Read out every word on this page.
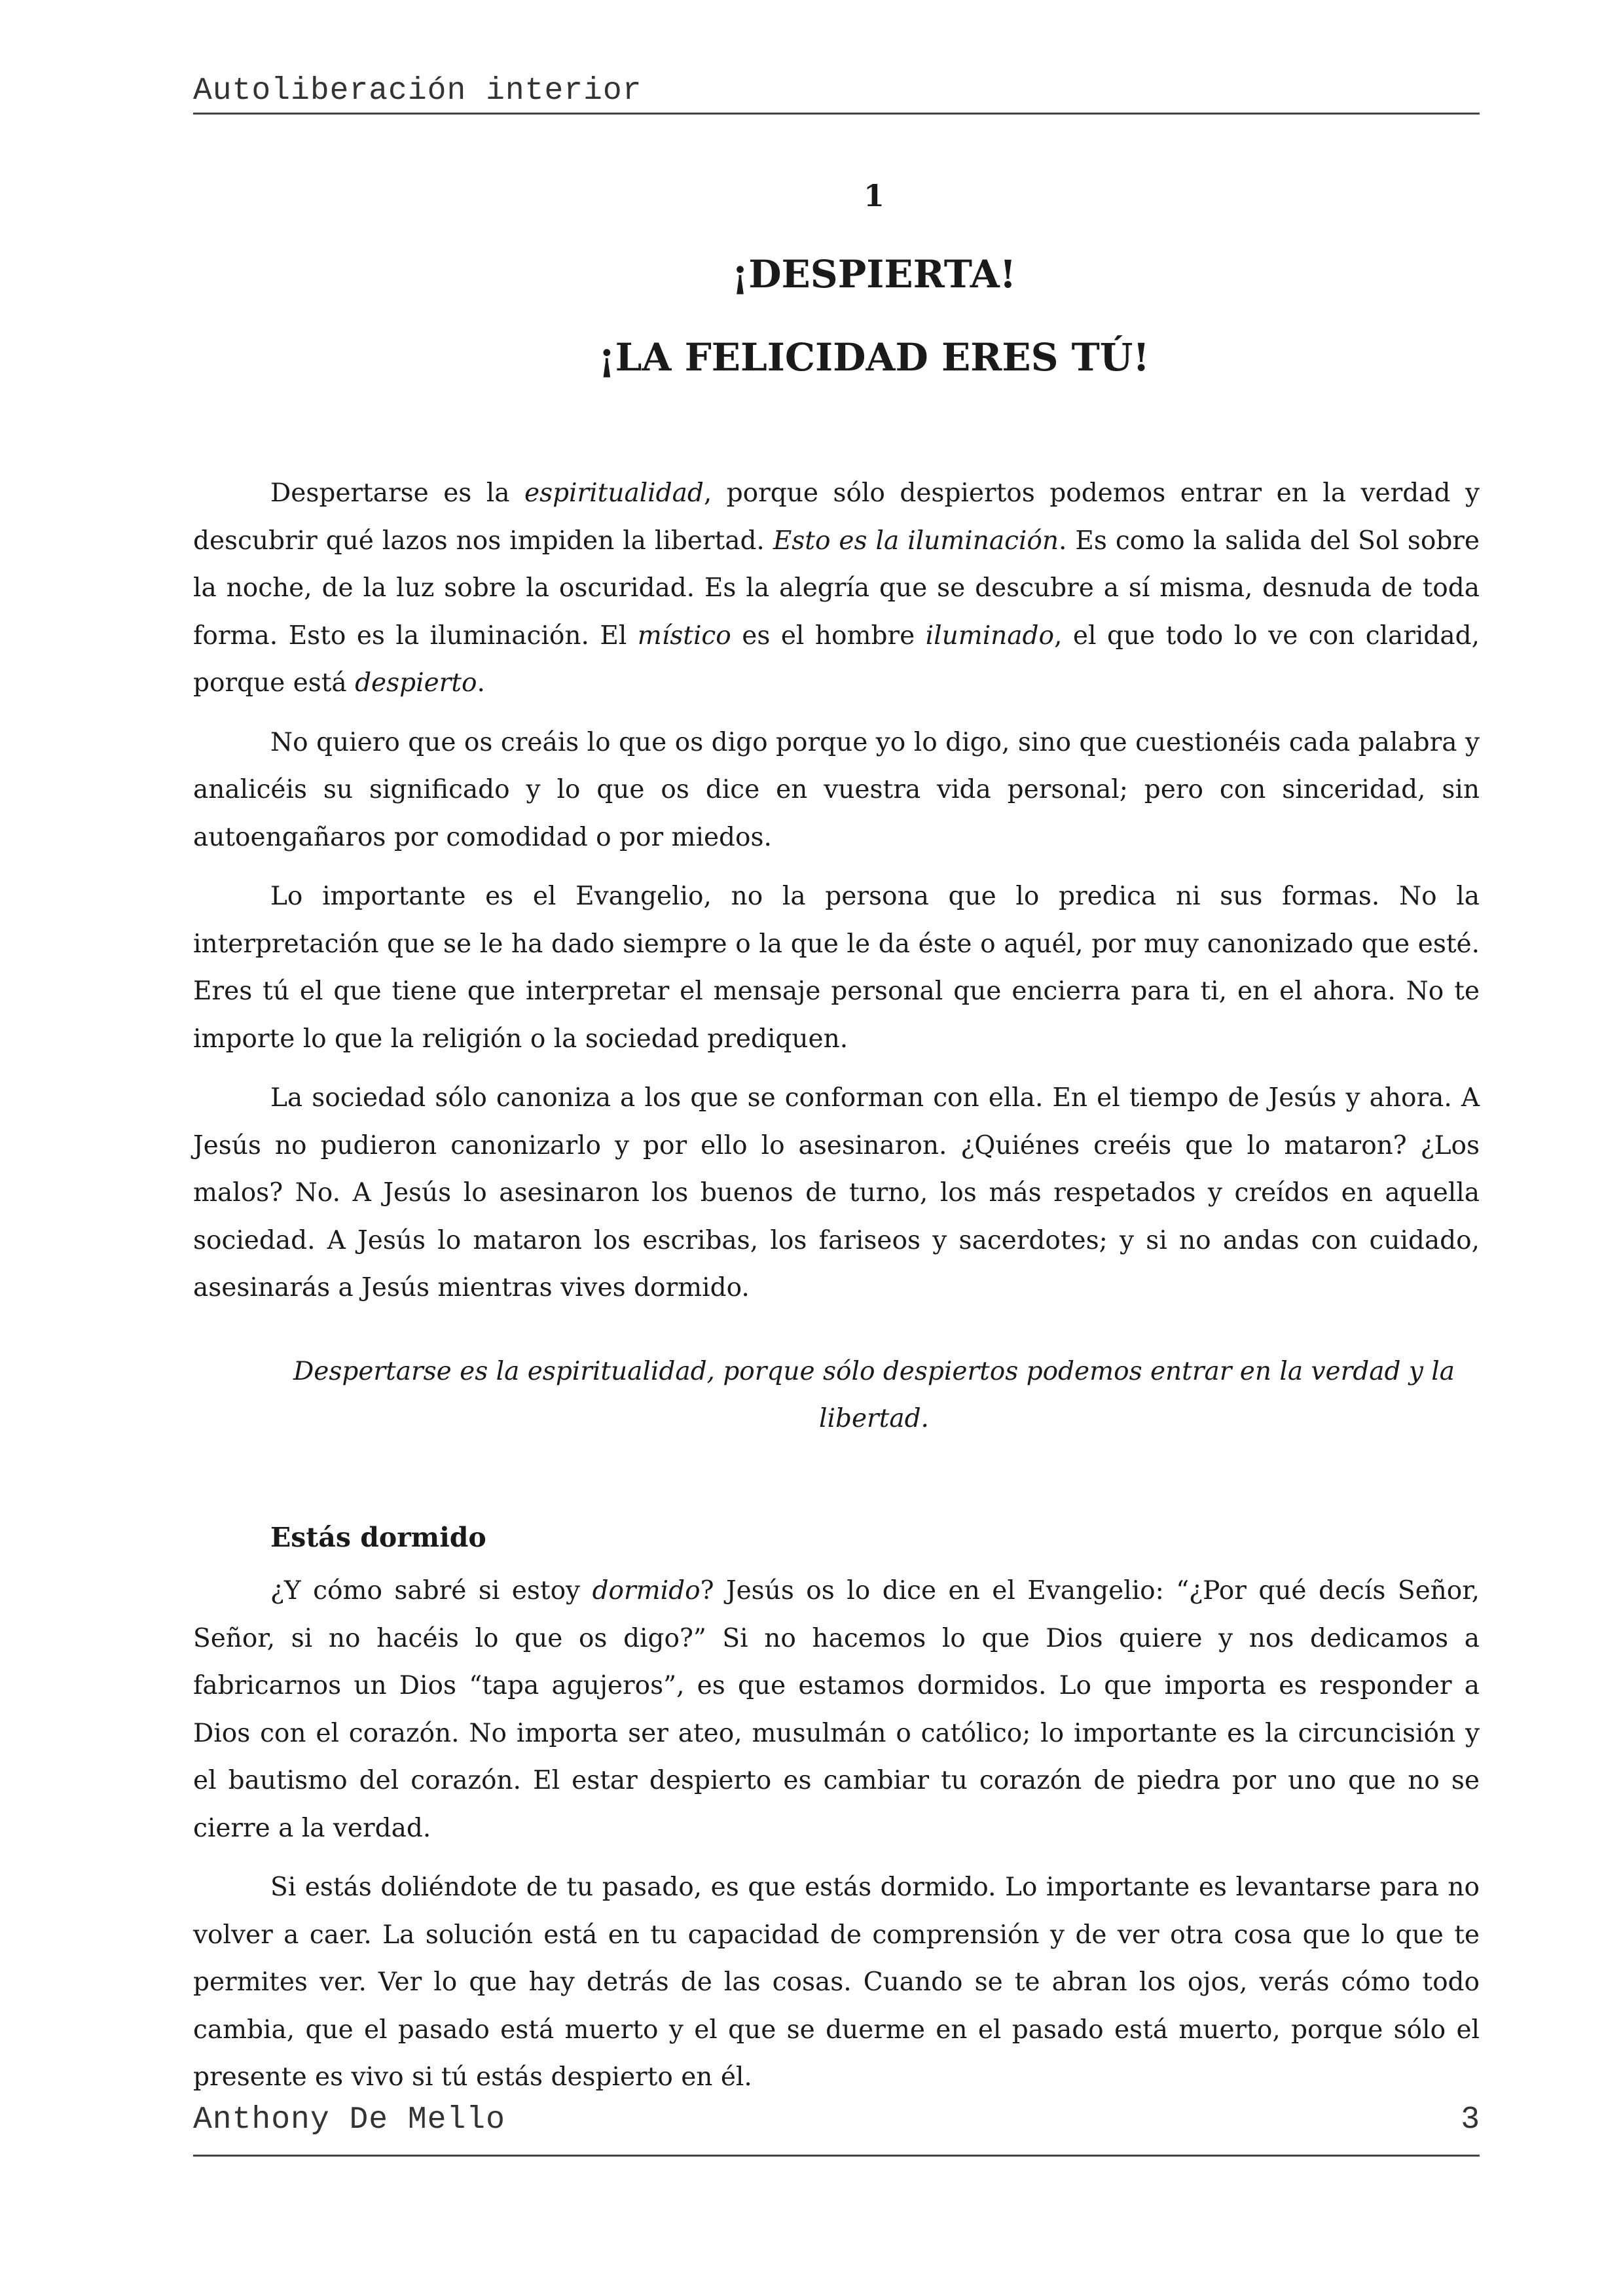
Autoliberación interior
1
¡DESPIERTA!
¡LA FELICIDAD ERES TÚ!

Despertarse es la espiritualidad, porque sólo despiertos podemos entrar en la verdad y descubrir qué lazos nos impiden la libertad. Esto es la iluminación. Es como la salida del Sol sobre la noche, de la luz sobre la oscuridad. Es la alegría que se descubre a sí misma, desnuda de toda forma. Esto es la iluminación. El místico es el hombre iluminado, el que todo lo ve con claridad, porque está despierto.

No quiero que os creáis lo que os digo porque yo lo digo, sino que cuestionéis cada palabra y analicéis su significado y lo que os dice en vuestra vida personal; pero con sinceridad, sin autoengañaros por comodidad o por miedos.

Lo importante es el Evangelio, no la persona que lo predica ni sus formas. No la interpretación que se le ha dado siempre o la que le da éste o aquél, por muy canonizado que esté. Eres tú el que tiene que interpretar el mensaje personal que encierra para ti, en el ahora. No te importe lo que la religión o la sociedad prediquen.

La sociedad sólo canoniza a los que se conforman con ella. En el tiempo de Jesús y ahora. A Jesús no pudieron canonizarlo y por ello lo asesinaron. ¿Quiénes creéis que lo mataron? ¿Los malos? No. A Jesús lo asesinaron los buenos de turno, los más respetados y creídos en aquella sociedad. A Jesús lo mataron los escribas, los fariseos y sacerdotes; y si no andas con cuidado, asesinarás a Jesús mientras vives dormido.

Despertarse es la espiritualidad, porque sólo despiertos podemos entrar en la verdad y la libertad.
Estás dormido

¿Y cómo sabré si estoy dormido? Jesús os lo dice en el Evangelio: “¿Por qué decís Señor, Señor, si no hacéis lo que os digo?” Si no hacemos lo que Dios quiere y nos dedicamos a fabricarnos un Dios “tapa agujeros”, es que estamos dormidos. Lo que importa es responder a Dios con el corazón. No importa ser ateo, musulmán o católico; lo importante es la circuncisión y el bautismo del corazón. El estar despierto es cambiar tu corazón de piedra por uno que no se cierre a la verdad.

Si estás doliéndote de tu pasado, es que estás dormido. Lo importante es levantarse para no volver a caer. La solución está en tu capacidad de comprensión y de ver otra cosa que lo que te permites ver. Ver lo que hay detrás de las cosas. Cuando se te abran los ojos, verás cómo todo cambia, que el pasado está muerto y el que se duerme en el pasado está muerto, porque sólo el presente es vivo si tú estás despierto en él.

Anthony De Mello	3
